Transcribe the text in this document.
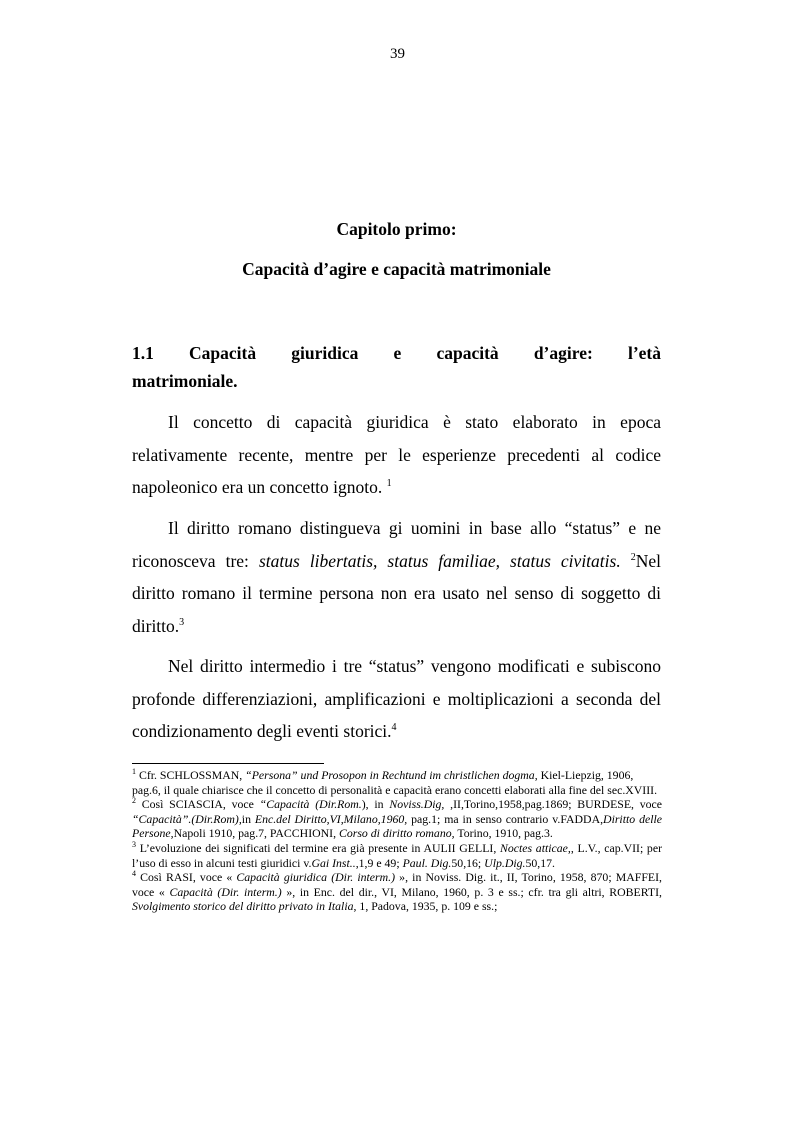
39
Capitolo primo:
Capacità d’agire e capacità matrimoniale
1.1 Capacità giuridica e capacità d’agire: l’età
matrimoniale.

Il concetto di capacità giuridica è stato elaborato in epoca relativamente recente, mentre per le esperienze precedenti al codice napoleonico era un concetto ignoto. $^1$

Il diritto romano distingueva gi uomini in base allo “status” e ne riconosceva tre: status libertatis, status familiae, status civitatis. $^2$Nel diritto romano il termine persona non era usato nel senso di soggetto di diritto.$^3$

Nel diritto intermedio i tre “status” vengono modificati e subiscono profonde differenziazioni, amplificazioni e moltiplicazioni a seconda del condizionamento degli eventi storici.$^4$

$^1$ Cfr. SCHLOSSMAN, “Persona” und Prosopon in Rechtund im christlichen dogma, Kiel-Liepzig, 1906, pag.6, il quale chiarisce che il concetto di personalità e capacità erano concetti elaborati alla fine del sec.XVIII.

$^2$ Così SCIASCIA, voce “Capacità (Dir.Rom.), in Noviss.Dig, ,II,Torino,1958,pag.1869; BURDESE, voce “Capacità”.(Dir.Rom),in Enc.del Diritto,VI,Milano,1960, pag.1; ma in senso contrario v.FADDA,Diritto delle Persone,Napoli 1910, pag.7, PACCHIONI, Corso di diritto romano, Torino, 1910, pag.3.

$^3$ L’evoluzione dei significati del termine era già presente in AULII GELLI, Noctes atticae,, L.V., cap.VII; per l’uso di esso in alcuni testi giuridici v.Gai Inst..,1,9 e 49; Paul. Dig.50,16; Ulp.Dig.50,17.

$^4$ Così RASI, voce « Capacità giuridica (Dir. interm.) », in Noviss. Dig. it., II, Torino, 1958, 870; MAFFEI, voce « Capacità (Dir. interm.) », in Enc. del dir., VI, Milano, 1960, p. 3 e ss.; cfr. tra gli altri, ROBERTI, Svolgimento storico del diritto privato in Italia, 1, Padova, 1935, p. 109 e ss.;
